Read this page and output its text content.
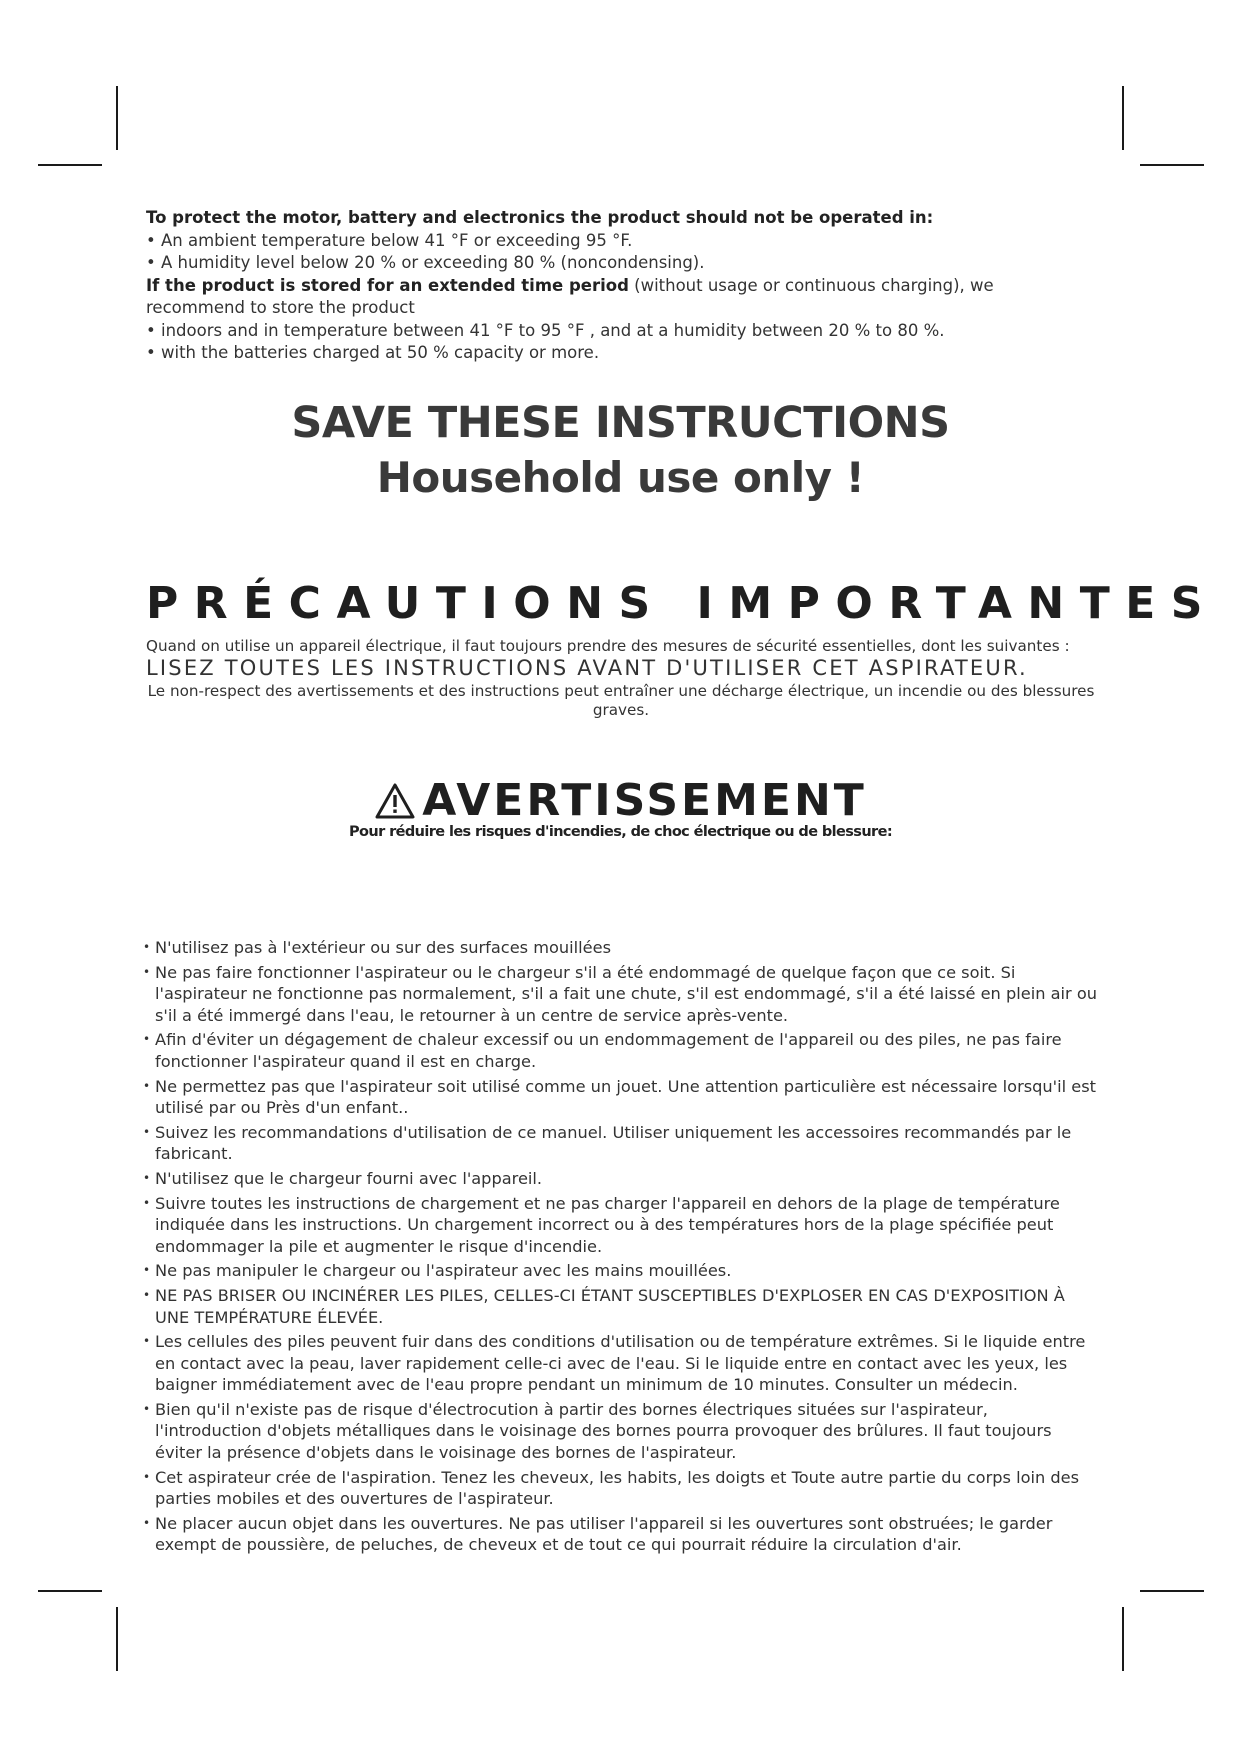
To protect the motor, battery and electronics the product should not be operated in:

• An ambient temperature below 41 °F or exceeding 95 °F.

• A humidity level below 20 % or exceeding 80 % (noncondensing).

If the product is stored for an extended time period (without usage or continuous charging), we recommend to store the product

• indoors and in temperature between 41 °F to 95 °F , and at a humidity between 20 % to 80 %.

• with the batteries charged at 50 % capacity or more.

SAVE THESE INSTRUCTIONS
Household use only !
PRÉCAUTIONS IMPORTANTES
Quand on utilise un appareil électrique, il faut toujours prendre des mesures de sécurité essentielles, dont les suivantes :
LISEZ TOUTES LES INSTRUCTIONS AVANT D'UTILISER CET ASPIRATEUR.
Le non-respect des avertissements et des instructions peut entraîner une décharge électrique, un incendie ou des blessures graves.
AVERTISSEMENT
Pour réduire les risques d'incendies, de choc électrique ou de blessure:
• N'utilisez pas à l'extérieur ou sur des surfaces mouillées
• Ne pas faire fonctionner l'aspirateur ou le chargeur s'il a été endommagé de quelque façon que ce soit. Si l'aspirateur ne fonctionne pas normalement, s'il a fait une chute, s'il est endommagé, s'il a été laissé en plein air ou s'il a été immergé dans l'eau, le retourner à un centre de service après-vente.
• Afin d'éviter un dégagement de chaleur excessif ou un endommagement de l'appareil ou des piles, ne pas faire fonctionner l'aspirateur quand il est en charge.
• Ne permettez pas que l'aspirateur soit utilisé comme un jouet. Une attention particulière est nécessaire lorsqu'il est utilisé par ou Près d'un enfant..
• Suivez les recommandations d'utilisation de ce manuel. Utiliser uniquement les accessoires recommandés par le fabricant.
• N'utilisez que le chargeur fourni avec l'appareil.
• Suivre toutes les instructions de chargement et ne pas charger l'appareil en dehors de la plage de température indiquée dans les instructions. Un chargement incorrect ou à des températures hors de la plage spécifiée peut endommager la pile et augmenter le risque d'incendie.
• Ne pas manipuler le chargeur ou l'aspirateur avec les mains mouillées.
• NE PAS BRISER OU INCINÉRER LES PILES, CELLES-CI ÉTANT SUSCEPTIBLES D'EXPLOSER EN CAS D'EXPOSITION À UNE TEMPÉRATURE ÉLEVÉE.
• Les cellules des piles peuvent fuir dans des conditions d'utilisation ou de température extrêmes. Si le liquide entre en contact avec la peau, laver rapidement celle-ci avec de l'eau. Si le liquide entre en contact avec les yeux, les baigner immédiatement avec de l'eau propre pendant un minimum de 10 minutes. Consulter un médecin.
• Bien qu'il n'existe pas de risque d'électrocution à partir des bornes électriques situées sur l'aspirateur, l'introduction d'objets métalliques dans le voisinage des bornes pourra provoquer des brûlures. Il faut toujours éviter la présence d'objets dans le voisinage des bornes de l'aspirateur.
• Cet aspirateur crée de l'aspiration. Tenez les cheveux, les habits, les doigts et Toute autre partie du corps loin des parties mobiles et des ouvertures de l'aspirateur.
• Ne placer aucun objet dans les ouvertures. Ne pas utiliser l'appareil si les ouvertures sont obstruées; le garder exempt de poussière, de peluches, de cheveux et de tout ce qui pourrait réduire la circulation d'air.
